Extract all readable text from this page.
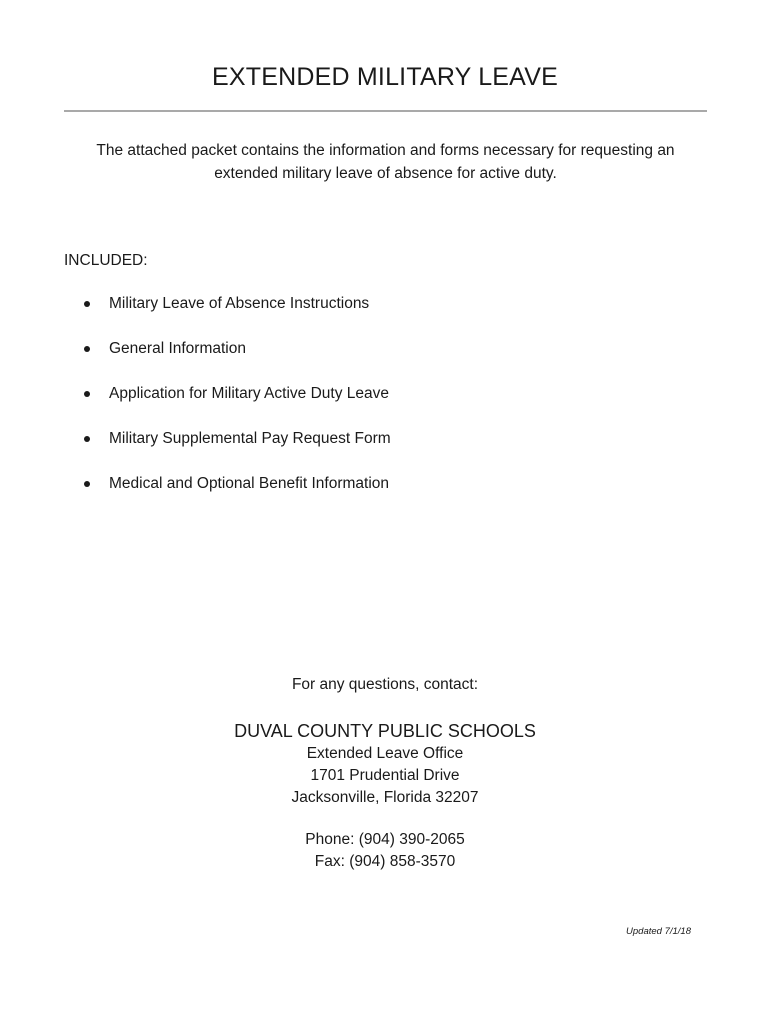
EXTENDED MILITARY LEAVE
The attached packet contains the information and forms necessary for requesting an
extended military leave of absence for active duty.
INCLUDED:
Military Leave of Absence Instructions
General Information
Application for Military Active Duty Leave
Military Supplemental Pay Request Form
Medical and Optional Benefit Information
For any questions, contact:
DUVAL COUNTY PUBLIC SCHOOLS
Extended Leave Office
1701 Prudential Drive
Jacksonville, Florida 32207
Phone: (904) 390-2065
Fax: (904) 858-3570
Updated 7/1/18
